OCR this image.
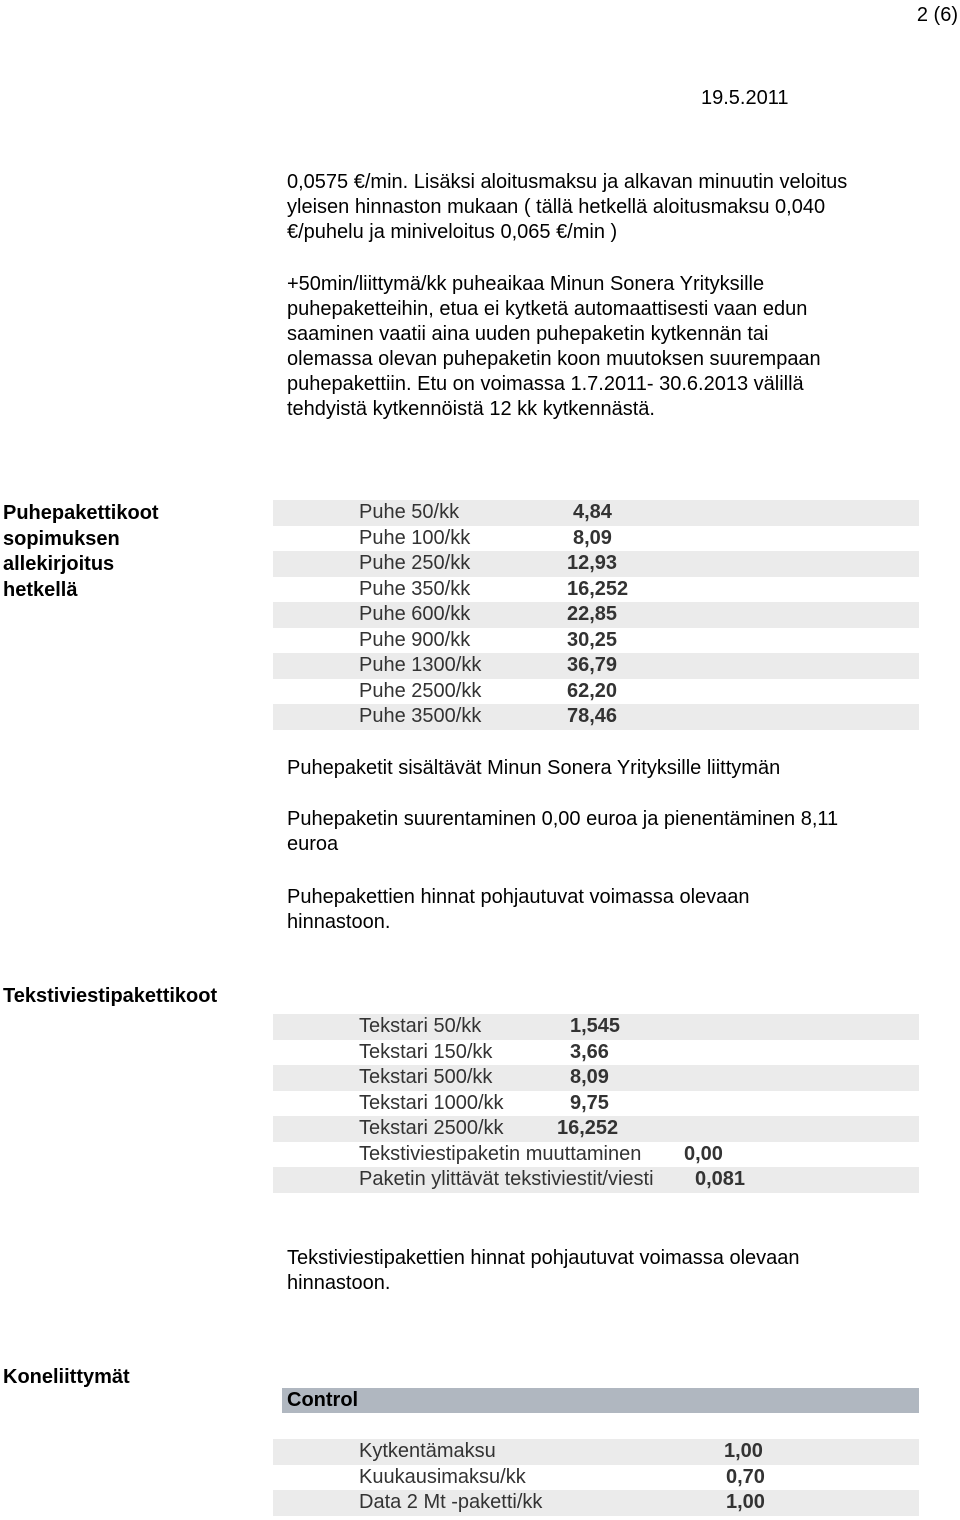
2 (6)
19.5.2011
0,0575 €/min. Lisäksi aloitusmaksu ja alkavan minuutin veloitus
yleisen hinnaston mukaan ( tällä hetkellä aloitusmaksu 0,040
€/puhelu ja miniveloitus 0,065 €/min )
+50min/liittymä/kk puheaikaa Minun Sonera Yrityksille
puhepaketteihin, etua ei kytketä automaattisesti vaan edun
saaminen vaatii aina uuden puhepaketin kytkennän tai
olemassa olevan puhepaketin koon muutoksen suurempaan
puhepakettiin. Etu on voimassa 1.7.2011- 30.6.2013 välillä
tehdyistä kytkennöistä 12 kk kytkennästä.
Puhepakettikoot
sopimuksen
allekirjoitus
hetkellä
Puhe 50/kk	4,84
Puhe 100/kk	8,09
Puhe 250/kk	12,93
Puhe 350/kk	16,252
Puhe 600/kk	22,85
Puhe 900/kk	30,25
Puhe 1300/kk	36,79
Puhe 2500/kk	62,20
Puhe 3500/kk	78,46
Puhepaketit sisältävät Minun Sonera Yrityksille liittymän
Puhepaketin suurentaminen 0,00 euroa ja pienentäminen 8,11
euroa
Puhepakettien hinnat pohjautuvat voimassa olevaan
hinnastoon.
Tekstiviestipakettikoot
Tekstari 50/kk	1,545
Tekstari 150/kk	3,66
Tekstari 500/kk	8,09
Tekstari 1000/kk	9,75
Tekstari 2500/kk	16,252
Tekstiviestipaketin muuttaminen 0,00
Paketin ylittävät tekstiviestit/viesti 0,081
Tekstiviestipakettien hinnat pohjautuvat voimassa olevaan
hinnastoon.
Koneliittymät
Control
Kytkentämaksu	1,00
Kuukausimaksu/kk	0,70
Data 2 Mt -paketti/kk	1,00
